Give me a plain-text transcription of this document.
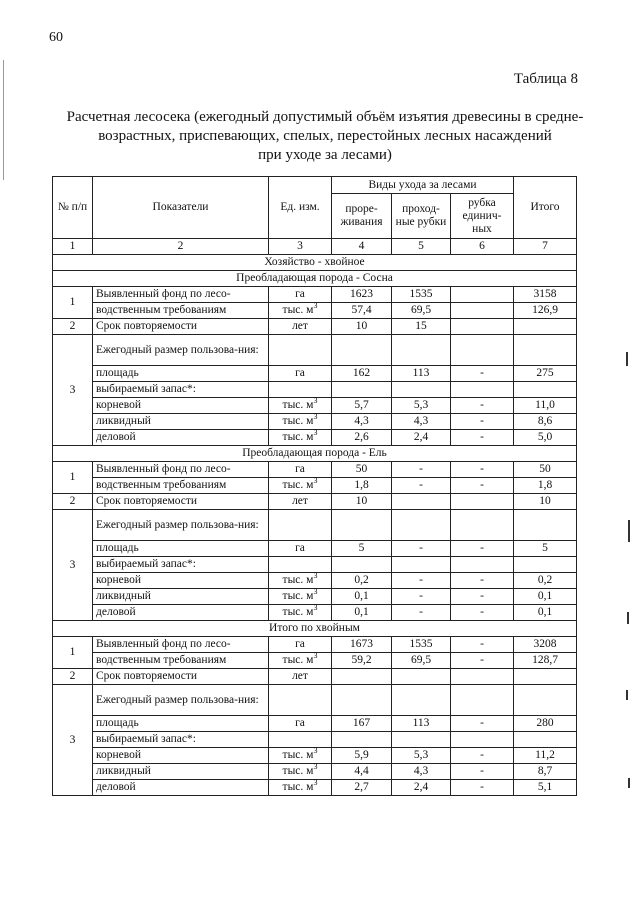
60
Таблица 8
Расчетная лесосека (ежегодный допустимый объём изъятия древесины в средне-
возрастных, приспевающих, спелых, перестойных лесных насаждений
при уходе за лесами)
№ п/п	Показатели	Ед. изм.	Виды ухода за лесами			Итого
			проре-живания	проход-ные рубки	рубка единич-ных	
1	2	3	4	5	6	7
Хозяйство - хвойное						
Преобладающая порода - Сосна						
1	Выявленный фонд по лесо-	га	1623	1535		3158
	водственным требованиям	тыс. $м^3$	57,4	69,5		126,9
2	Срок повторяемости	лет	10	15		
3	Ежегодный размер пользова-ния:					
	площадь	га	162	113	-	275
	выбираемый запас*:					
	корневой	тыс. $м^3$	5,7	5,3	-	11,0
	ликвидный	тыс. $м^3$	4,3	4,3	-	8,6
	деловой	тыс. $м^3$	2,6	2,4	-	5,0
Преобладающая порода - Ель						
1	Выявленный фонд по лесо-	га	50	-	-	50
	водственным требованиям	тыс. $м^3$	1,8	-	-	1,8
2	Срок повторяемости	лет	10			10
3	Ежегодный размер пользова-ния:					
	площадь	га	5	-	-	5
	выбираемый запас*:					
	корневой	тыс. $м^3$	0,2	-	-	0,2
	ликвидный	тыс. $м^3$	0,1	-	-	0,1
	деловой	тыс. $м^3$	0,1	-	-	0,1
Итого по хвойным						
1	Выявленный фонд по лесо-	га	1673	1535	-	3208
	водственным требованиям	тыс. $м^3$	59,2	69,5	-	128,7
2	Срок повторяемости	лет				
3	Ежегодный размер пользова-ния:					
	площадь	га	167	113	-	280
	выбираемый запас*:					
	корневой	тыс. $м^3$	5,9	5,3	-	11,2
	ликвидный	тыс. $м^3$	4,4	4,3	-	8,7
	деловой	тыс. $м^3$	2,7	2,4	-	5,1
